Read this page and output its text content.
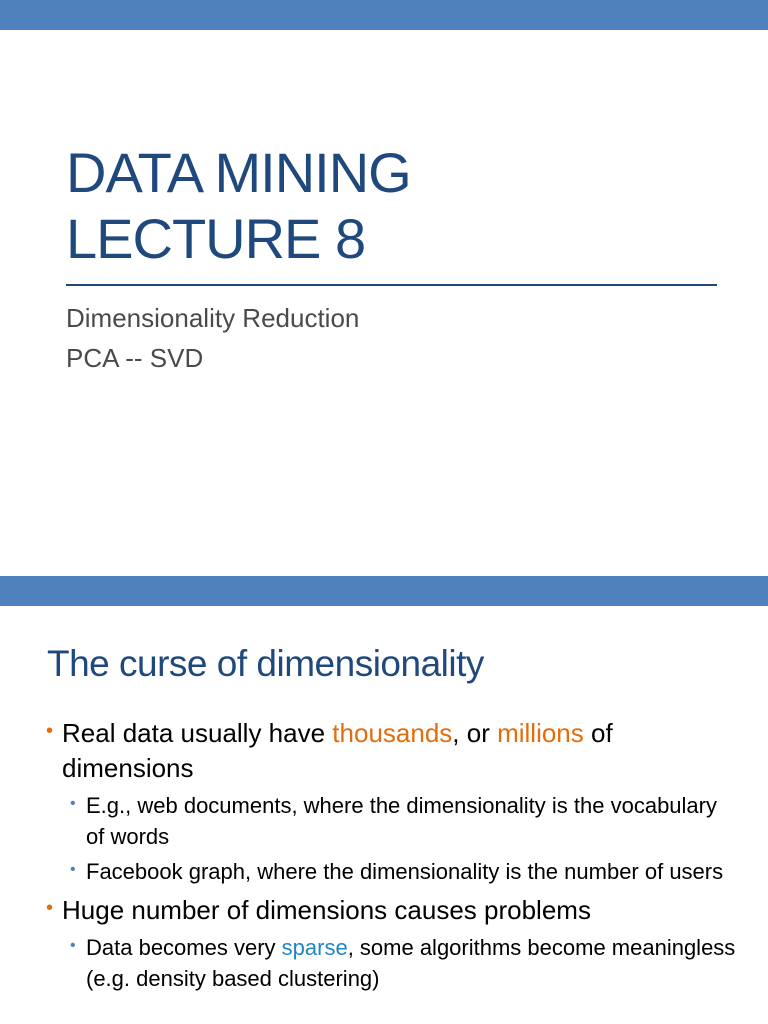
DATA MINING
LECTURE 8
Dimensionality Reduction
PCA -- SVD
The curse of dimensionality
• Real data usually have thousands, or millions of dimensions
• E.g., web documents, where the dimensionality is the vocabulary of words
• Facebook graph, where the dimensionality is the number of users
• Huge number of dimensions causes problems
• Data becomes very sparse, some algorithms become meaningless (e.g. density based clustering)
